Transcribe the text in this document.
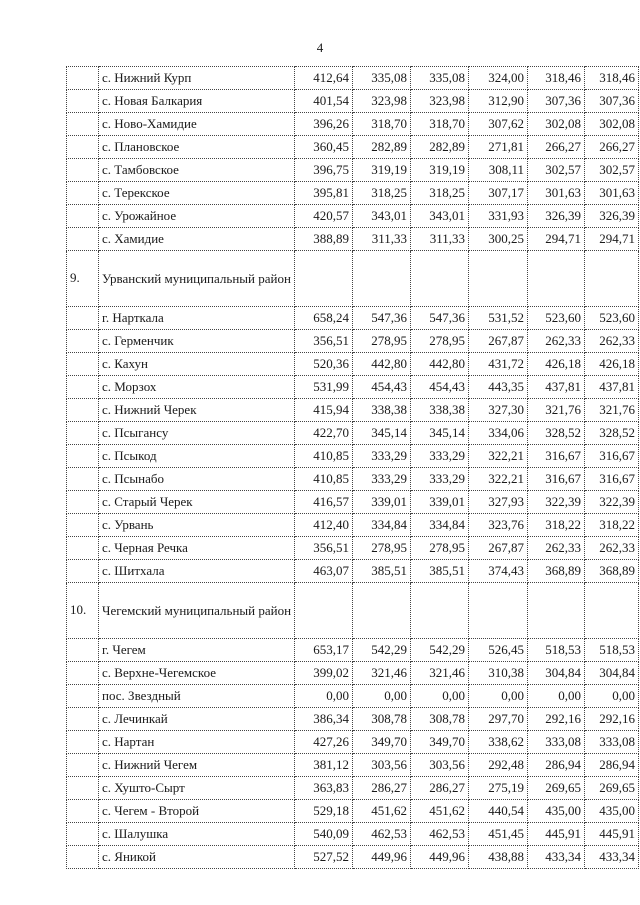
4
	с. Нижний Курп	412,64	335,08	335,08	324,00	318,46	318,46
	с. Новая Балкария	401,54	323,98	323,98	312,90	307,36	307,36
	с. Ново-Хамидие	396,26	318,70	318,70	307,62	302,08	302,08
	с. Плановское	360,45	282,89	282,89	271,81	266,27	266,27
	с. Тамбовское	396,75	319,19	319,19	308,11	302,57	302,57
	с. Терекское	395,81	318,25	318,25	307,17	301,63	301,63
	с. Урожайное	420,57	343,01	343,01	331,93	326,39	326,39
	с. Хамидие	388,89	311,33	311,33	300,25	294,71	294,71
9.	Урванский муниципальный район						
	г. Нарткала	658,24	547,36	547,36	531,52	523,60	523,60
	с. Герменчик	356,51	278,95	278,95	267,87	262,33	262,33
	с. Кахун	520,36	442,80	442,80	431,72	426,18	426,18
	с. Морзох	531,99	454,43	454,43	443,35	437,81	437,81
	с. Нижний Черек	415,94	338,38	338,38	327,30	321,76	321,76
	с. Псыгансу	422,70	345,14	345,14	334,06	328,52	328,52
	с. Псыкод	410,85	333,29	333,29	322,21	316,67	316,67
	с. Псынабо	410,85	333,29	333,29	322,21	316,67	316,67
	с. Старый Черек	416,57	339,01	339,01	327,93	322,39	322,39
	с. Урвань	412,40	334,84	334,84	323,76	318,22	318,22
	с. Черная Речка	356,51	278,95	278,95	267,87	262,33	262,33
	с. Шитхала	463,07	385,51	385,51	374,43	368,89	368,89
10.	Чегемский муниципальный район						
	г. Чегем	653,17	542,29	542,29	526,45	518,53	518,53
	с. Верхне-Чегемское	399,02	321,46	321,46	310,38	304,84	304,84
	пос. Звездный	0,00	0,00	0,00	0,00	0,00	0,00
	с. Лечинкай	386,34	308,78	308,78	297,70	292,16	292,16
	с. Нартан	427,26	349,70	349,70	338,62	333,08	333,08
	с. Нижний Чегем	381,12	303,56	303,56	292,48	286,94	286,94
	с. Хушто-Сырт	363,83	286,27	286,27	275,19	269,65	269,65
	с. Чегем - Второй	529,18	451,62	451,62	440,54	435,00	435,00
	с. Шалушка	540,09	462,53	462,53	451,45	445,91	445,91
	с. Яникой	527,52	449,96	449,96	438,88	433,34	433,34
